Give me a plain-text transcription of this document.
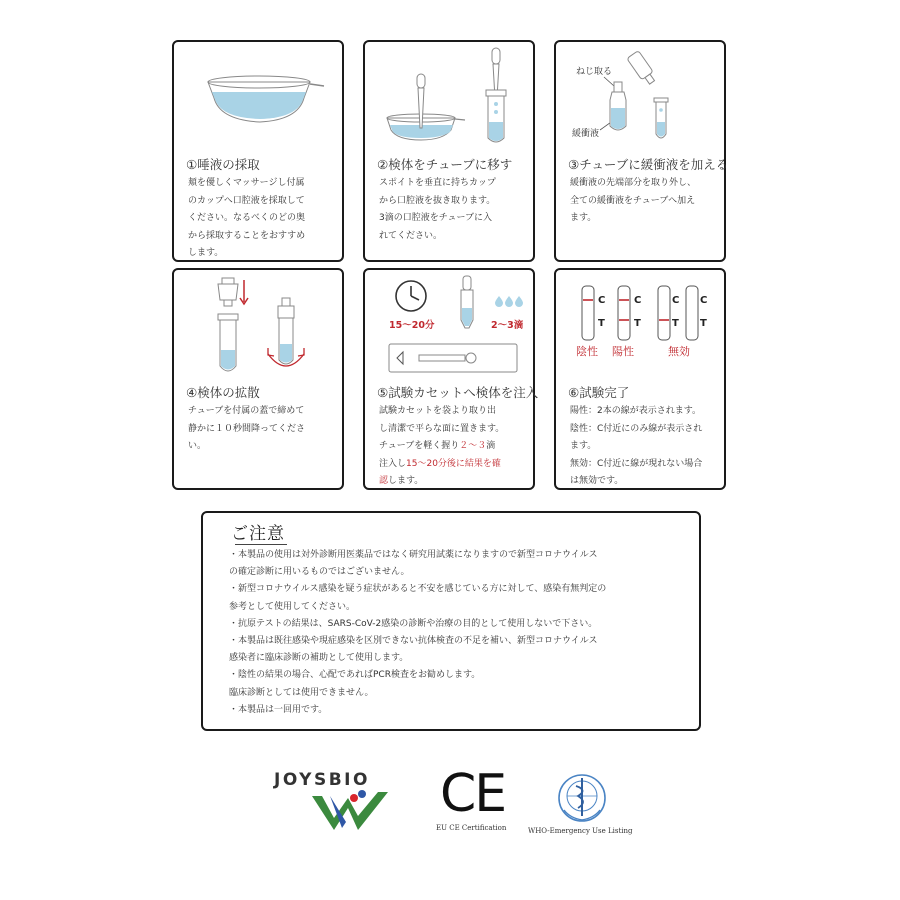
①唾液の採取
頬を優しくマッサージし付属
のカップへ口腔液を採取して
ください。なるべくのどの奥
から採取することをおすすめ
します。
②検体をチューブに移す
スポイトを垂直に持ちカップ
から口腔液を抜き取ります。
3滴の口腔液をチューブに入
れてください。
ねじ取る
緩衝液
③チューブに緩衝液を加える
緩衝液の先端部分を取り外し、
全ての緩衝液をチューブへ加え
ます。
④検体の拡散
チューブを付属の蓋で締めて
静かに１０秒間降ってくださ
い。
15～20分	2～3滴
⑤試験カセットへ検体を注入
試験カセットを袋より取り出
し清潔で平らな面に置きます。
チューブを軽く握り２～３滴
注入し15～20分後に結果を確
認します。
C
T
C
T
C
T
C
T
陰性 陽性	無効
⑥試験完了
陽性：2本の線が表示されます。
陰性：C付近にのみ線が表示され
ます。
無効：C付近に線が現れない場合
は無効です。
ご注意
・本製品の使用は対外診断用医薬品ではなく研究用試薬になりますので新型コロナウイルス
の確定診断に用いるものではございません。
・新型コロナウイルス感染を疑う症状があると不安を感じている方に対して、感染有無判定の
参考として使用してください。
・抗原テストの結果は、SARS-CoV-2感染の診断や治療の目的として使用しないで下さい。
・本製品は既往感染や現症感染を区別できない抗体検査の不足を補い、新型コロナウイルス
感染者に臨床診断の補助として使用します。
・陰性の結果の場合、心配であればPCR検査をお勧めします。
臨床診断としては使用できません。
・本製品は一回用です。
JOYSBIO CE
EU CE Certification	WHO-Emergency Use Listing
